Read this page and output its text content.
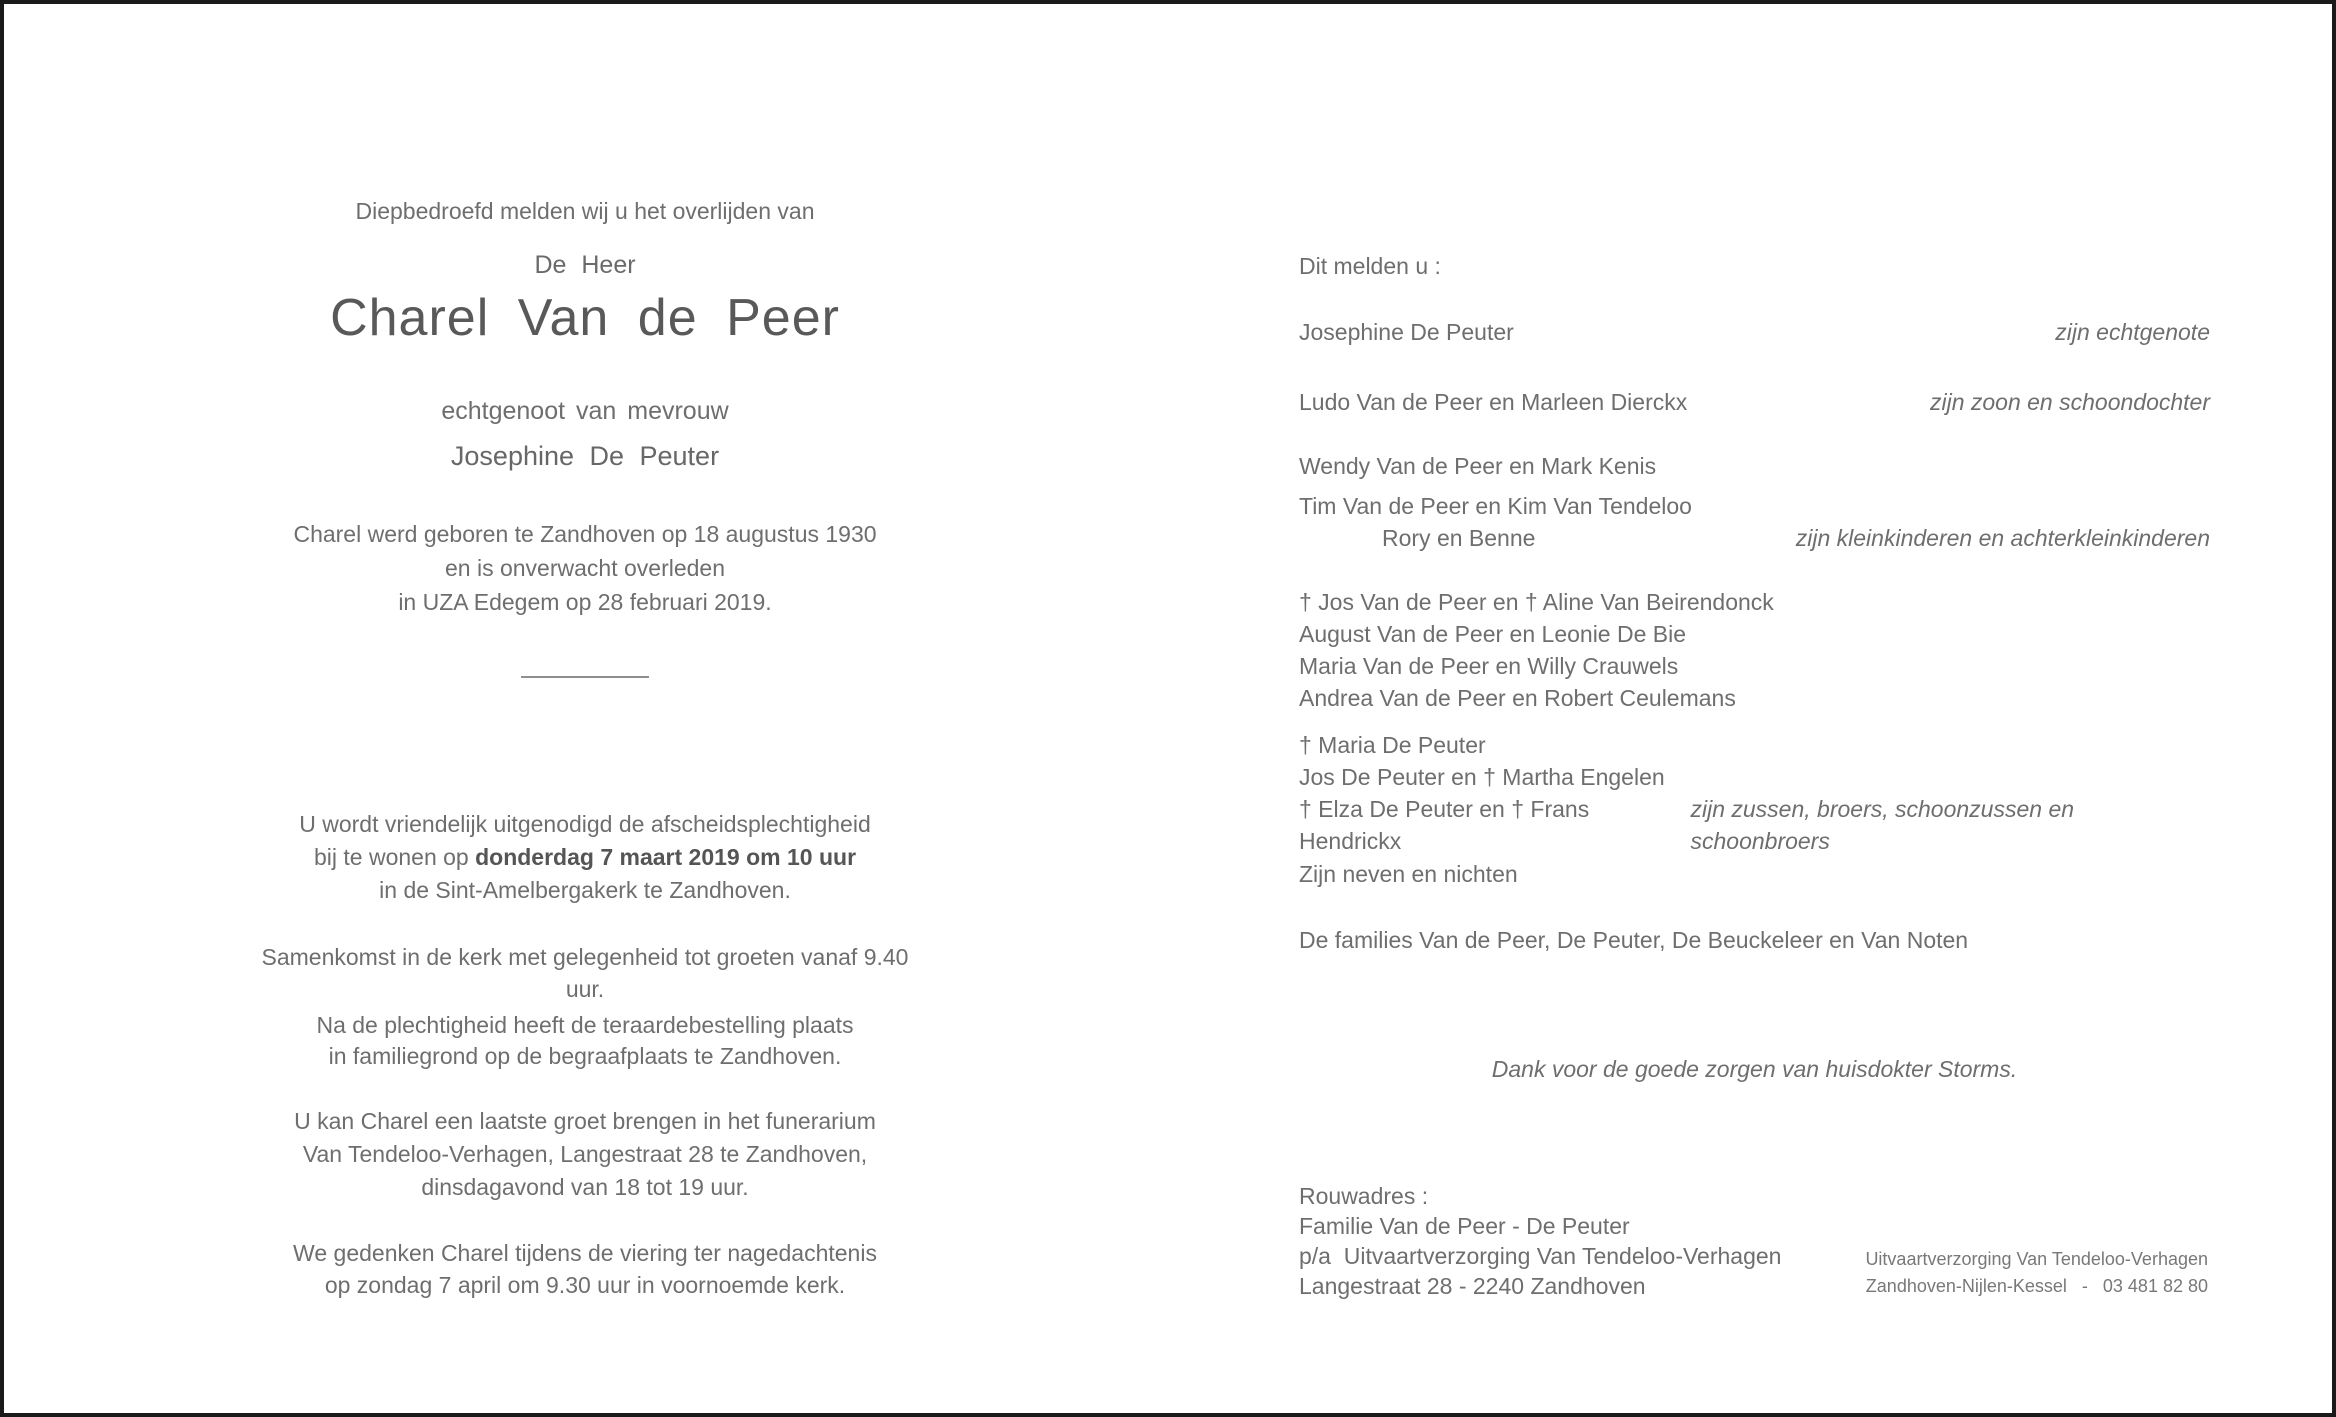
Diepbedroefd melden wij u het overlijden van
De Heer
Charel Van de Peer
echtgenoot van mevrouw
Josephine De Peuter
Charel werd geboren te Zandhoven op 18 augustus 1930
en is onverwacht overleden
in UZA Edegem op 28 februari 2019.
U wordt vriendelijk uitgenodigd de afscheidsplechtigheid
bij te wonen op donderdag 7 maart 2019 om 10 uur
in de Sint-Amelbergakerk te Zandhoven.
Samenkomst in de kerk met gelegenheid tot groeten vanaf 9.40 uur.
Na de plechtigheid heeft de teraardebestelling plaats
in familiegrond op de begraafplaats te Zandhoven.
U kan Charel een laatste groet brengen in het funerarium
Van Tendeloo-Verhagen, Langestraat 28 te Zandhoven,
dinsdagavond van 18 tot 19 uur.
We gedenken Charel tijdens de viering ter nagedachtenis
op zondag 7 april om 9.30 uur in voornoemde kerk.
Dit melden u :
Josephine De Peuter	zijn echtgenote
Ludo Van de Peer en Marleen Dierckx	zijn zoon en schoondochter
Wendy Van de Peer en Mark Kenis
Tim Van de Peer en Kim Van Tendeloo
Rory en Benne	zijn kleinkinderen en achterkleinkinderen
† Jos Van de Peer en † Aline Van Beirendonck
August Van de Peer en Leonie De Bie
Maria Van de Peer en Willy Crauwels
Andrea Van de Peer en Robert Ceulemans
† Maria De Peuter
Jos De Peuter en † Martha Engelen
† Elza De Peuter en † Frans Hendrickx
zijn zussen, broers, schoonzussen en schoonbroers
Zijn neven en nichten
De families Van de Peer, De Peuter, De Beuckeleer en Van Noten
Dank voor de goede zorgen van huisdokter Storms.
Rouwadres :
Familie Van de Peer - De Peuter
p/a  Uitvaartverzorging Van Tendeloo-Verhagen
Langestraat 28 - 2240 Zandhoven
Uitvaartverzorging Van Tendeloo-Verhagen
Zandhoven-Nijlen-Kessel   -   03 481 82 80
